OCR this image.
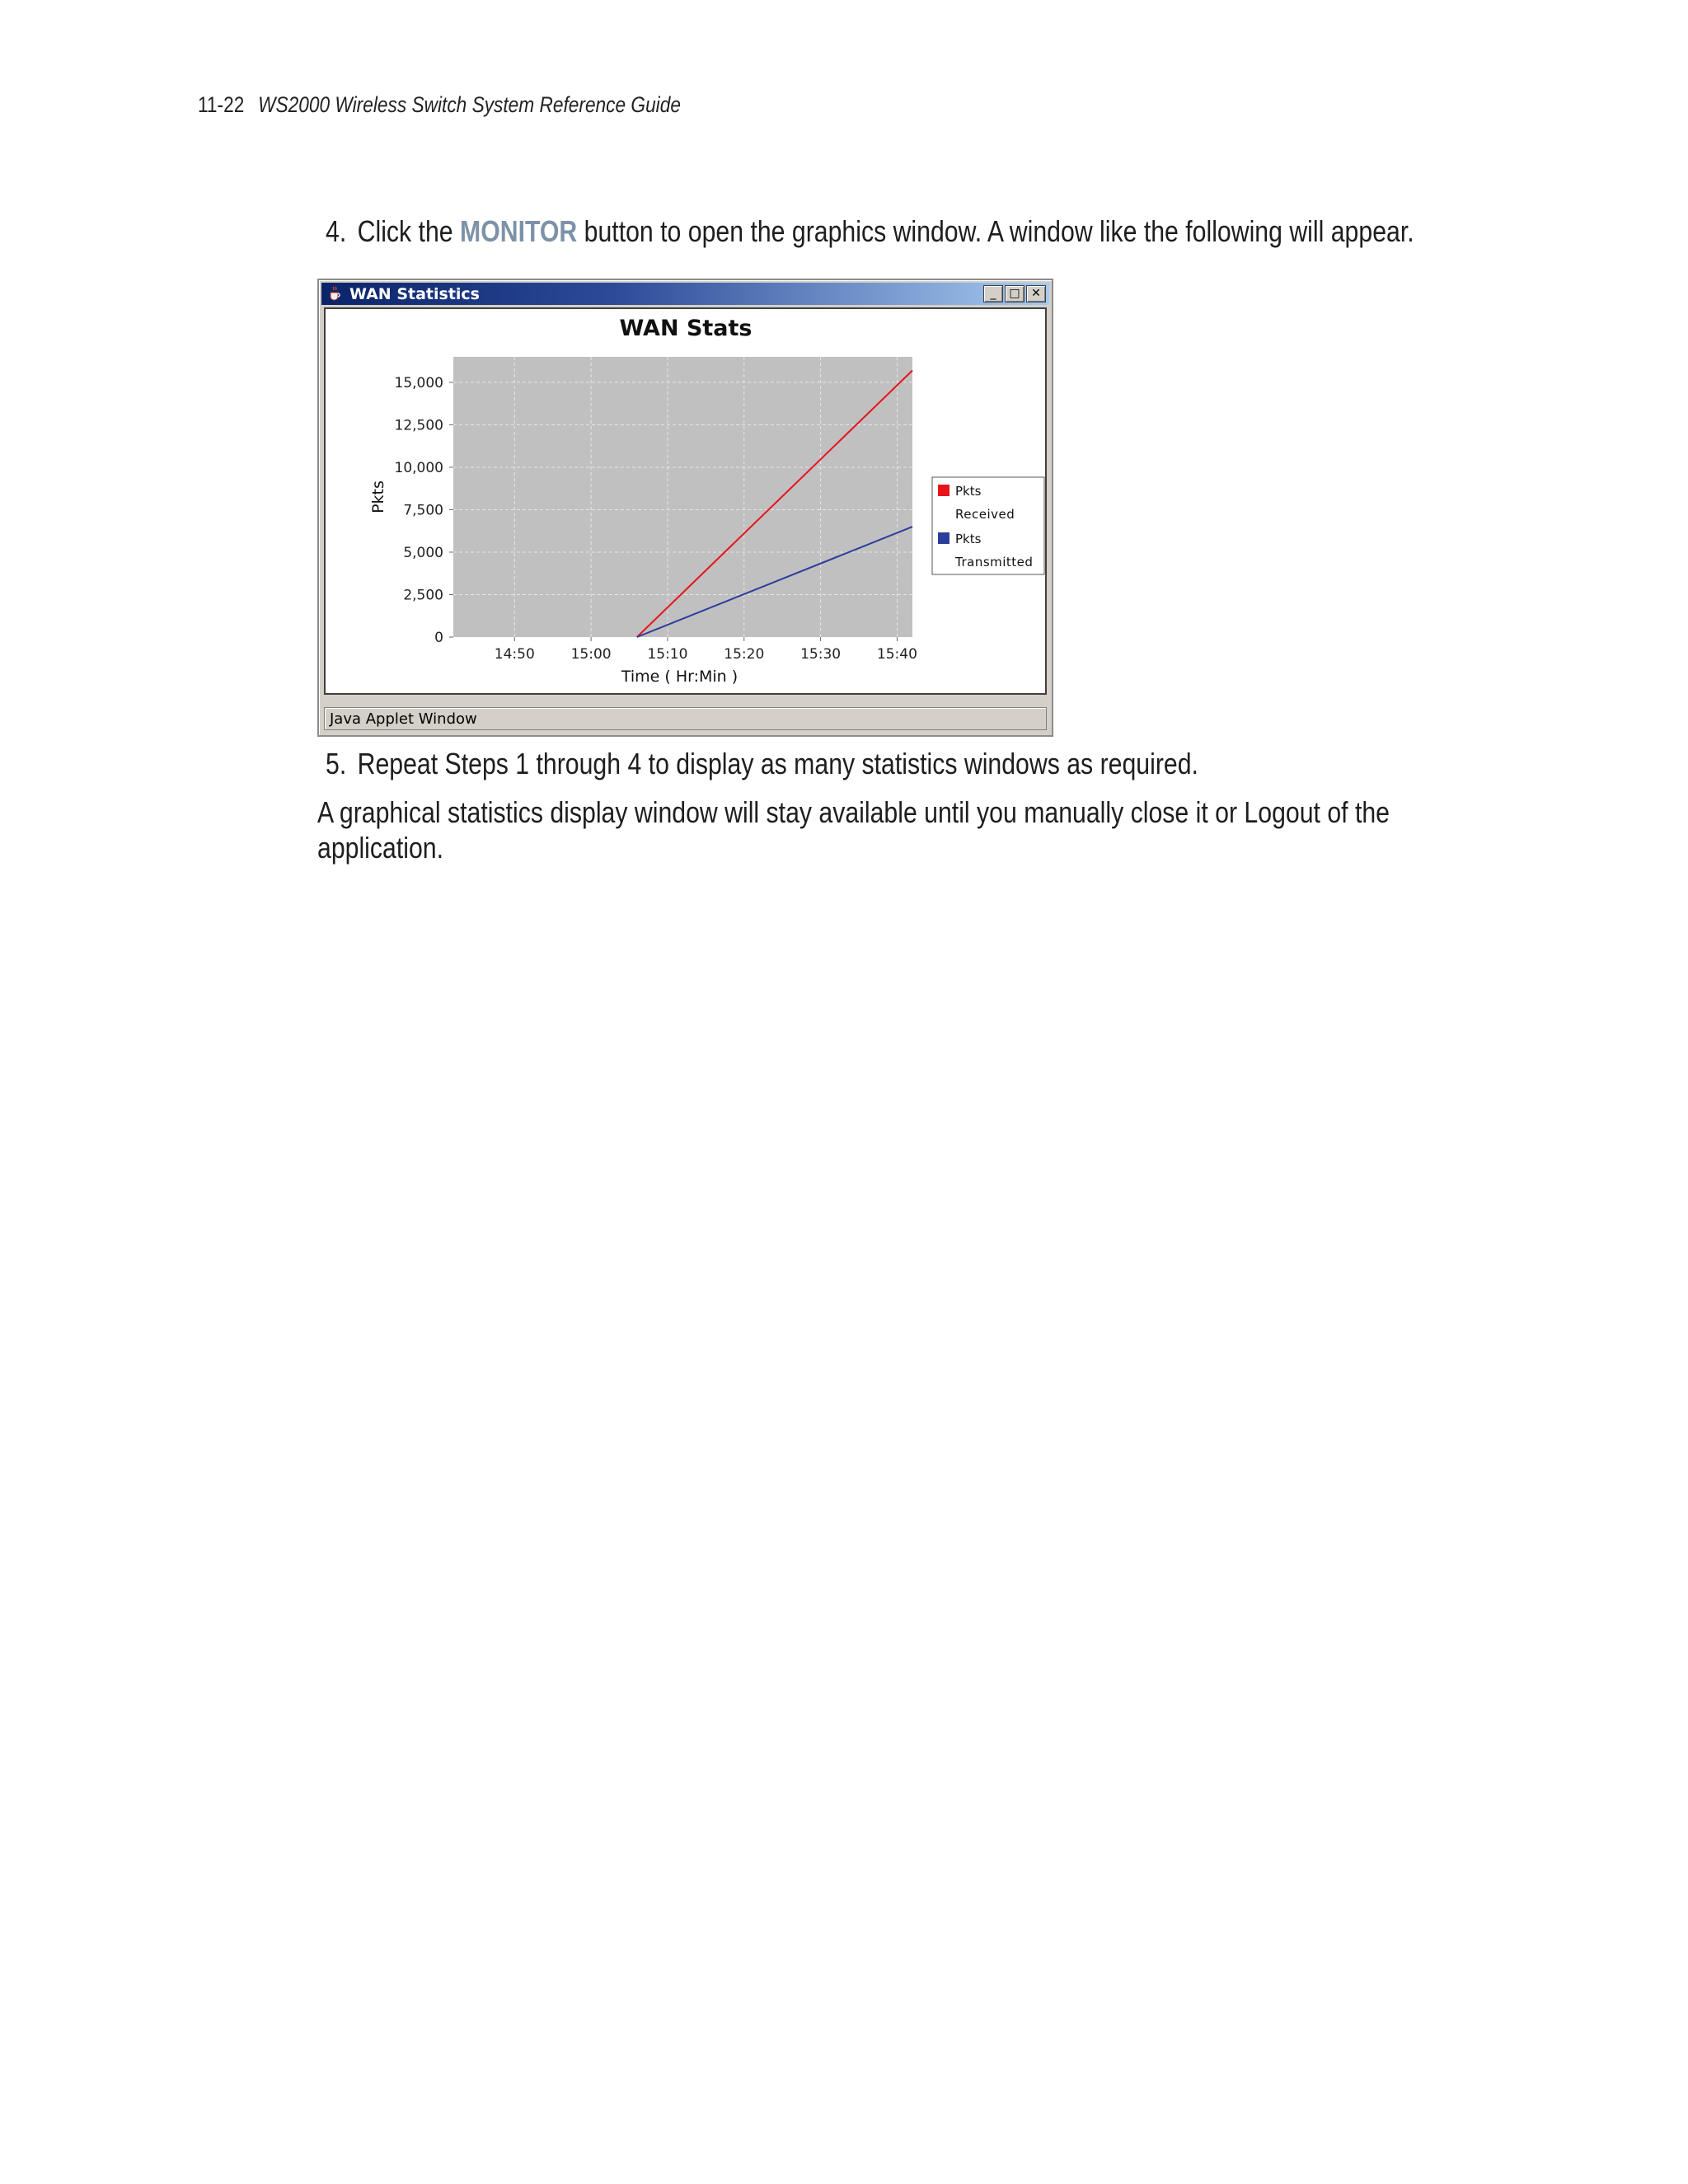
11-22 WS2000 Wireless Switch System Reference Guide
4. Click the MONITOR button to open the graphics window. A window like the following will appear.
WAN Statistics	_	□ ✕
WAN Stats
0
2,500
5,000
7,500
10,000
12,500
15,000
14:50	15:00	15:10	15:20	15:30	15:40
Pkts
Time ( Hr:Min )
Pkts
Received
Pkts
Transmitted
Java Applet Window
5. Repeat Steps 1 through 4 to display as many statistics windows as required.
A graphical statistics display window will stay available until you manually close it or Logout of the
application.
